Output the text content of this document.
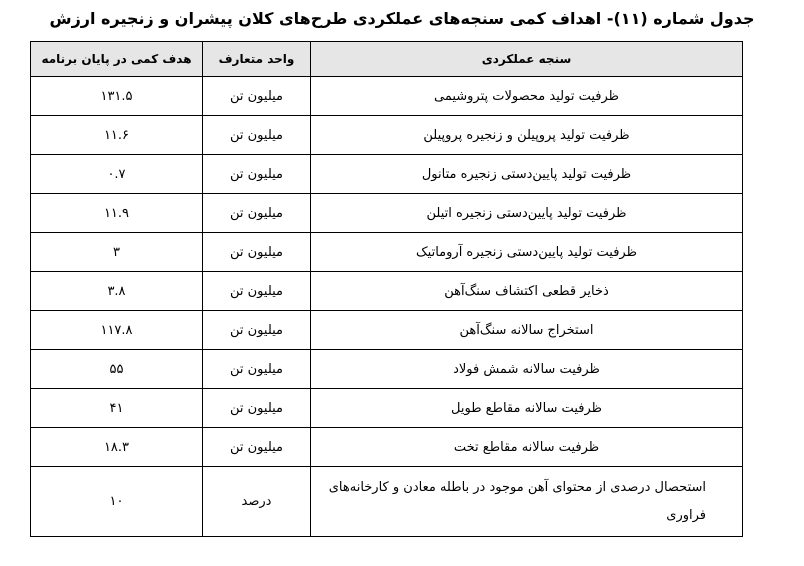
جدول شماره (۱۱)- اهداف کمی سنجه‌های عملکردی طرح‌های کلان پیشران و زنجیره ارزش
سنجه عملکردی	واحد متعارف	هدف کمی در پایان برنامه
ظرفیت تولید محصولات پتروشیمی	میلیون تن	۱۳۱.۵
ظرفیت تولید پروپیلن و زنجیره پروپیلن	میلیون تن	۱۱.۶
ظرفیت تولید پایین‌دستی زنجیره متانول	میلیون تن	۰.۷
ظرفیت تولید پایین‌دستی زنجیره اتیلن	میلیون تن	۱۱.۹
ظرفیت تولید پایین‌دستی زنجیره آروماتیک	میلیون تن	۳
ذخایر قطعی اکتشاف سنگ‌آهن	میلیون تن	۳.۸
استخراج سالانه سنگ‌آهن	میلیون تن	۱۱۷.۸
ظرفیت سالانه شمش فولاد	میلیون تن	۵۵
ظرفیت سالانه مقاطع طویل	میلیون تن	۴۱
ظرفیت سالانه مقاطع تخت	میلیون تن	۱۸.۳
استحصال درصدی از محتوای آهن موجود در باطله معادن و کارخانه‌های فراوری	درصد	۱۰
